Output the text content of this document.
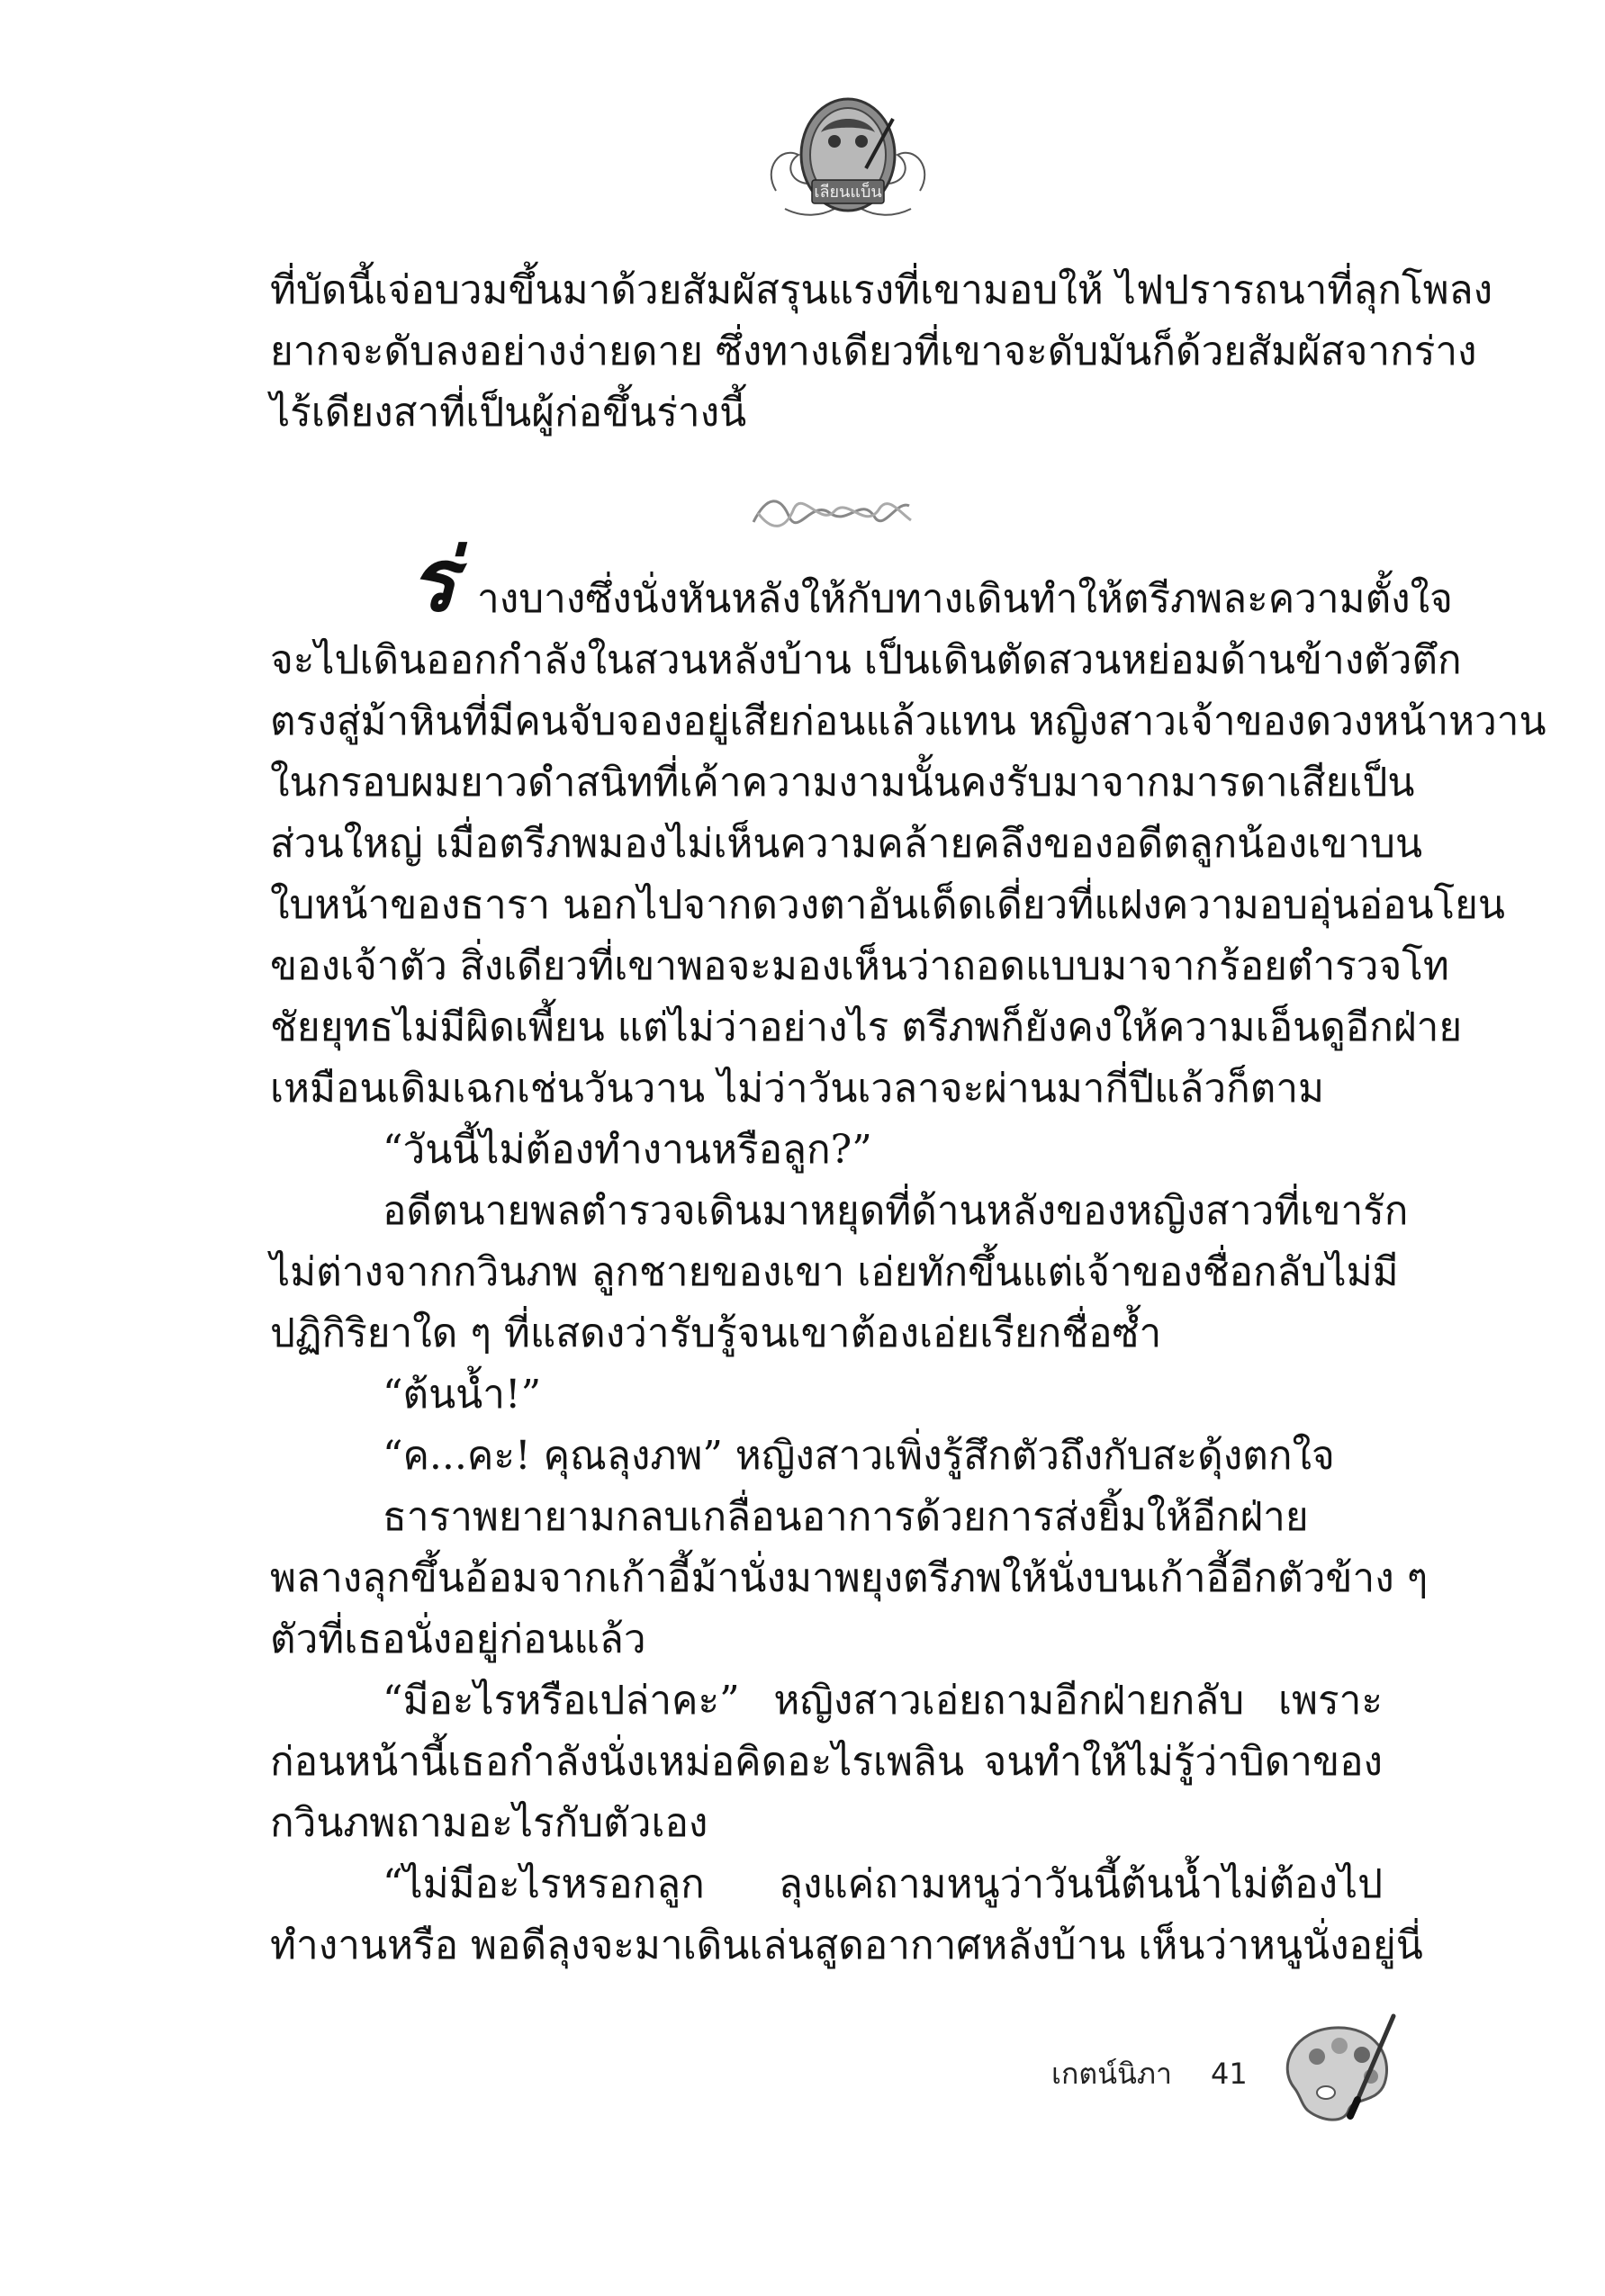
เลียนแบ็น
ที่บัดนี้เจ่อบวมขึ้นมาด้วยสัมผัสรุนแรงที่เขามอบให้ ไฟปรารถนาที่ลุกโพลง
ยากจะดับลงอย่างง่ายดาย ซึ่งทางเดียวที่เขาจะดับมันก็ด้วยสัมผัสจากร่าง
ไร้เดียงสาที่เป็นผู้ก่อขึ้นร่างนี้
ร่ างบางซึ่งนั่งหันหลังให้กับทางเดินทำให้ตรีภพละความตั้งใจ
จะไปเดินออกกำลังในสวนหลังบ้าน เป็นเดินตัดสวนหย่อมด้านข้างตัวตึก
ตรงสู่ม้าหินที่มีคนจับจองอยู่เสียก่อนแล้วแทน หญิงสาวเจ้าของดวงหน้าหวาน
ในกรอบผมยาวดำสนิทที่เค้าความงามนั้นคงรับมาจากมารดาเสียเป็น
ส่วนใหญ่ เมื่อตรีภพมองไม่เห็นความคล้ายคลึงของอดีตลูกน้องเขาบน
ใบหน้าของธารา นอกไปจากดวงตาอันเด็ดเดี่ยวที่แฝงความอบอุ่นอ่อนโยน
ของเจ้าตัว สิ่งเดียวที่เขาพอจะมองเห็นว่าถอดแบบมาจากร้อยตำรวจโท
ชัยยุทธไม่มีผิดเพี้ยน แต่ไม่ว่าอย่างไร ตรีภพก็ยังคงให้ความเอ็นดูอีกฝ่าย
เหมือนเดิมเฉกเช่นวันวาน ไม่ว่าวันเวลาจะผ่านมากี่ปีแล้วก็ตาม
“วันนี้ไม่ต้องทำงานหรือลูก?”
อดีตนายพลตำรวจเดินมาหยุดที่ด้านหลังของหญิงสาวที่เขารัก
ไม่ต่างจากกวินภพ ลูกชายของเขา เอ่ยทักขึ้นแต่เจ้าของชื่อกลับไม่มี
ปฏิกิริยาใด ๆ ที่แสดงว่ารับรู้จนเขาต้องเอ่ยเรียกชื่อซ้ำ
“ต้นน้ำ!”
“ค...คะ! คุณลุงภพ” หญิงสาวเพิ่งรู้สึกตัวถึงกับสะดุ้งตกใจ
ธาราพยายามกลบเกลื่อนอาการด้วยการส่งยิ้มให้อีกฝ่าย
พลางลุกขึ้นอ้อมจากเก้าอี้ม้านั่งมาพยุงตรีภพให้นั่งบนเก้าอี้อีกตัวข้าง ๆ
ตัวที่เธอนั่งอยู่ก่อนแล้ว
“มีอะไรหรือเปล่าคะ” หญิงสาวเอ่ยถามอีกฝ่ายกลับ เพราะ
ก่อนหน้านี้เธอกำลังนั่งเหม่อคิดอะไรเพลิน จนทำให้ไม่รู้ว่าบิดาของ
กวินภพถามอะไรกับตัวเอง
“ไม่มีอะไรหรอกลูก ลุงแค่ถามหนูว่าวันนี้ต้นน้ำไม่ต้องไป
ทำงานหรือ พอดีลุงจะมาเดินเล่นสูดอากาศหลังบ้าน เห็นว่าหนูนั่งอยู่นี่
เกตน์นิภา 41
